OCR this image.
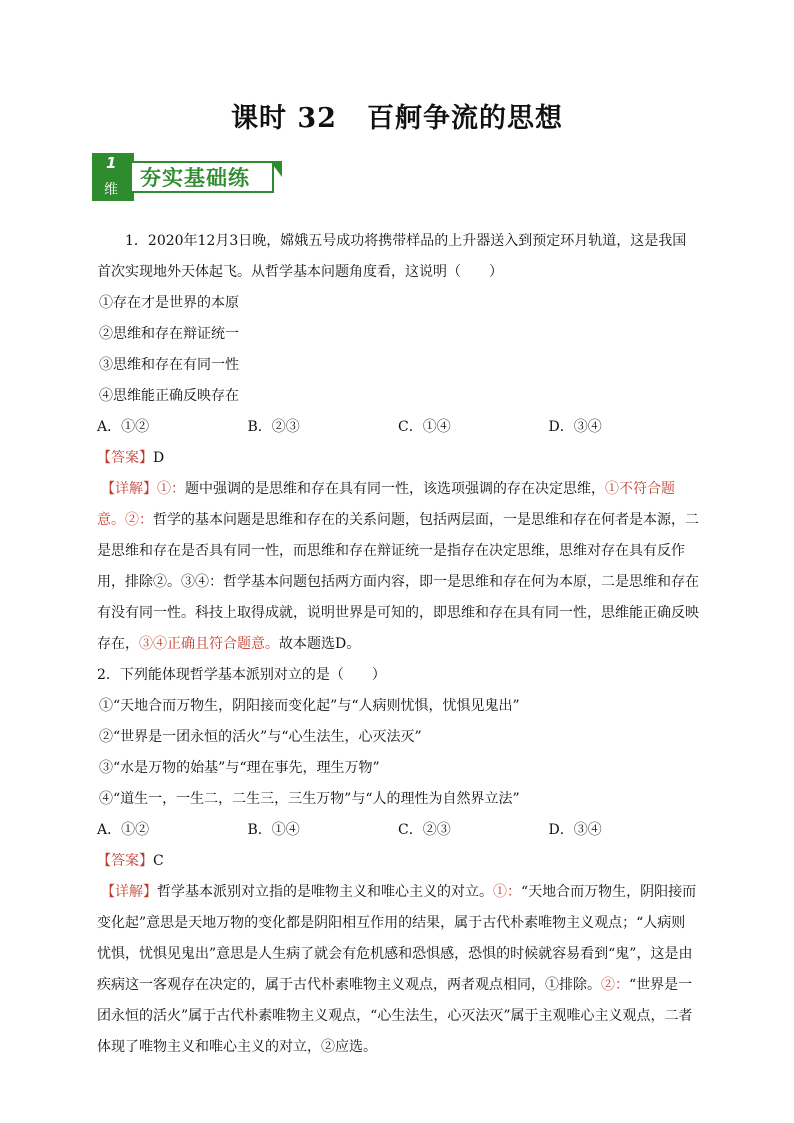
课时 32 百舸争流的思想
1
维 夯实基础练

1．2020年12月3日晚，嫦娥五号成功将携带样品的上升器送入到预定环月轨道，这是我国首次实现地外天体起飞。从哲学基本问题角度看，这说明（　　）

①存在才是世界的本原

②思维和存在辩证统一

③思维和存在有同一性

④思维能正确反映存在

A．①②	B．②③	C．①④	D．③④

【答案】D

【详解】①：题中强调的是思维和存在具有同一性，该选项强调的存在决定思维，①不符合题意。②：哲学的基本问题是思维和存在的关系问题，包括两层面，一是思维和存在何者是本源，二是思维和存在是否具有同一性，而思维和存在辩证统一是指存在决定思维，思维对存在具有反作用，排除②。③④：哲学基本问题包括两方面内容，即一是思维和存在何为本原，二是思维和存在有没有同一性。科技上取得成就，说明世界是可知的，即思维和存在具有同一性，思维能正确反映存在，③④正确且符合题意。故本题选D。

2．下列能体现哲学基本派别对立的是（　　）

①“天地合而万物生，阴阳接而变化起”与“人病则忧惧，忧惧见鬼出”

②“世界是一团永恒的活火”与“心生法生，心灭法灭”

③“水是万物的始基”与“理在事先，理生万物”

④“道生一，一生二，二生三，三生万物”与“人的理性为自然界立法”

A．①②	B．①④	C．②③	D．③④

【答案】C

【详解】哲学基本派别对立指的是唯物主义和唯心主义的对立。①：“天地合而万物生，阴阳接而变化起”意思是天地万物的变化都是阴阳相互作用的结果，属于古代朴素唯物主义观点；“人病则忧惧，忧惧见鬼出”意思是人生病了就会有危机感和恐惧感，恐惧的时候就容易看到“鬼”，这是由疾病这一客观存在决定的，属于古代朴素唯物主义观点，两者观点相同，①排除。②：“世界是一团永恒的活火”属于古代朴素唯物主义观点，“心生法生，心灭法灭”属于主观唯心主义观点，二者体现了唯物主义和唯心主义的对立，②应选。
